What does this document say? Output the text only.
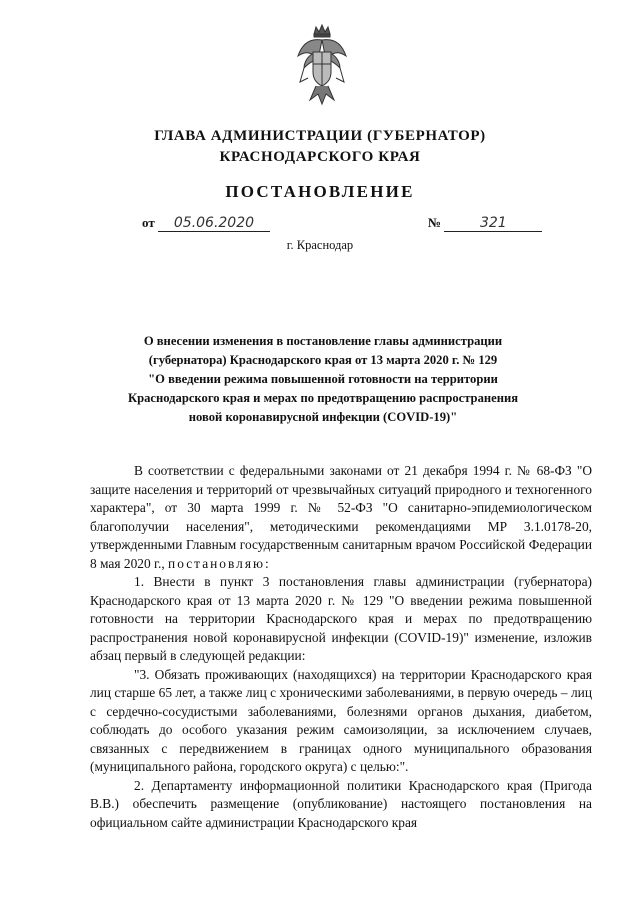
ГЛАВА АДМИНИСТРАЦИИ (ГУБЕРНАТОР)
КРАСНОДАРСКОГО КРАЯ
ПОСТАНОВЛЕНИЕ
от 05.06.2020	№	321
г. Краснодар
О внесении изменения в постановление главы администрации
(губернатора) Краснодарского края от 13 марта 2020 г. № 129
"О введении режима повышенной готовности на территории
Краснодарского края и мерах по предотвращению распространения
новой коронавирусной инфекции (COVID-19)"

В соответствии с федеральными законами от 21 декабря 1994 г. № 68-ФЗ "О защите населения и территорий от чрезвычайных ситуаций природного и техногенного характера", от 30 марта 1999 г. № 52-ФЗ "О санитарно-эпидемиологическом благополучии населения", методическими рекомендациями МР 3.1.0178-20, утвержденными Главным государственным санитарным врачом Российской Федерации 8 мая 2020 г., постановляю:

1. Внести в пункт 3 постановления главы администрации (губернатора) Краснодарского края от 13 марта 2020 г. № 129 "О введении режима повышенной готовности на территории Краснодарского края и мерах по предотвращению распространения новой коронавирусной инфекции (COVID-19)" изменение, изложив абзац первый в следующей редакции:

"3. Обязать проживающих (находящихся) на территории Краснодарского края лиц старше 65 лет, а также лиц с хроническими заболеваниями, в первую очередь – лиц с сердечно-сосудистыми заболеваниями, болезнями органов дыхания, диабетом, соблюдать до особого указания режим самоизоляции, за исключением случаев, связанных с передвижением в границах одного муниципального образования (муниципального района, городского округа) с целью:".

2. Департаменту информационной политики Краснодарского края (Пригода В.В.) обеспечить размещение (опубликование) настоящего постановления на официальном сайте администрации Краснодарского края
